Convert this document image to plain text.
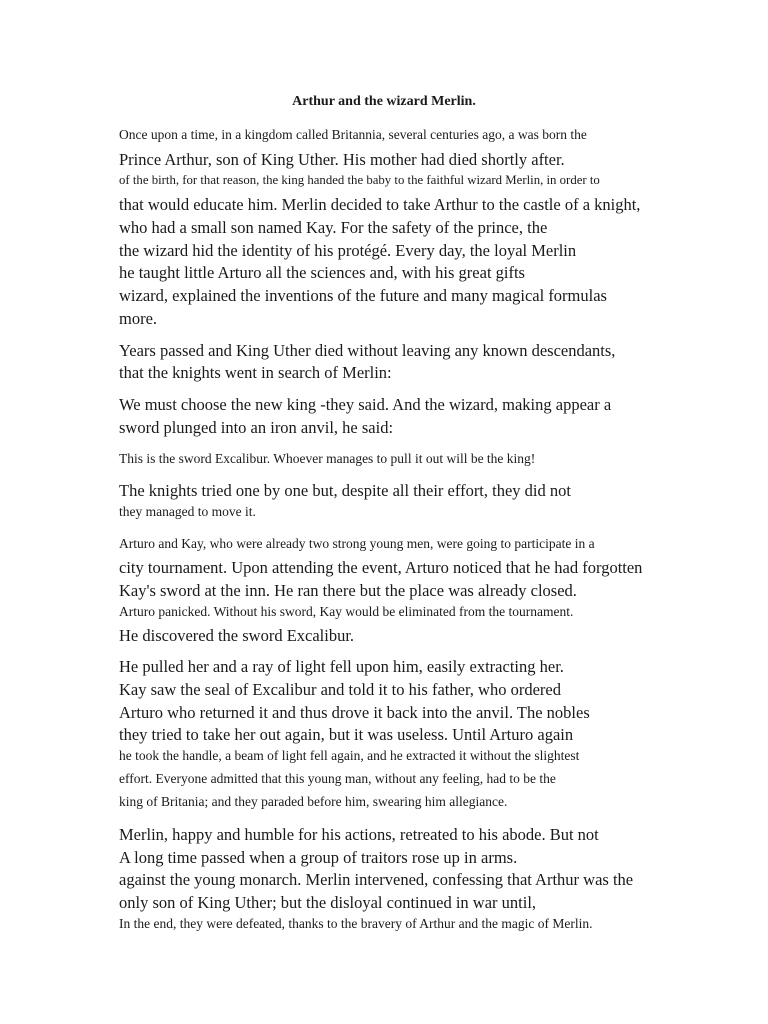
Arthur and the wizard Merlin.
Once upon a time, in a kingdom called Britannia, several centuries ago, a was born the
Prince Arthur, son of King Uther. His mother had died shortly after.
of the birth, for that reason, the king handed the baby to the faithful wizard Merlin, in order to
that would educate him. Merlin decided to take Arthur to the castle of a knight,
who had a small son named Kay. For the safety of the prince, the
the wizard hid the identity of his protégé. Every day, the loyal Merlin
he taught little Arturo all the sciences and, with his great gifts
wizard, explained the inventions of the future and many magical formulas
more.
Years passed and King Uther died without leaving any known descendants,
that the knights went in search of Merlin:
We must choose the new king -they said. And the wizard, making appear a
sword plunged into an iron anvil, he said:
This is the sword Excalibur. Whoever manages to pull it out will be the king!
The knights tried one by one but, despite all their effort, they did not
they managed to move it.
Arturo and Kay, who were already two strong young men, were going to participate in a
city tournament. Upon attending the event, Arturo noticed that he had forgotten
Kay's sword at the inn. He ran there but the place was already closed.
Arturo panicked. Without his sword, Kay would be eliminated from the tournament.
He discovered the sword Excalibur.
He pulled her and a ray of light fell upon him, easily extracting her.
Kay saw the seal of Excalibur and told it to his father, who ordered
Arturo who returned it and thus drove it back into the anvil. The nobles
they tried to take her out again, but it was useless. Until Arturo again
he took the handle, a beam of light fell again, and he extracted it without the slightest
effort. Everyone admitted that this young man, without any feeling, had to be the
king of Britania; and they paraded before him, swearing him allegiance.
Merlin, happy and humble for his actions, retreated to his abode. But not
A long time passed when a group of traitors rose up in arms.
against the young monarch. Merlin intervened, confessing that Arthur was the
only son of King Uther; but the disloyal continued in war until,
In the end, they were defeated, thanks to the bravery of Arthur and the magic of Merlin.
